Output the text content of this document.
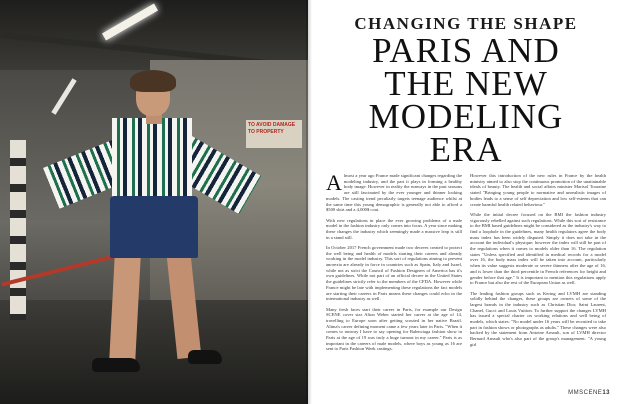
TO AVOID DAMAGE TO PROPERTY
CHANGING THE SHAPE
PARIS AND
THE NEW
MODELING
ERA

Almost a year ago France made significant changes regarding the modeling industry, and the part it plays in forming a healthy body image. However in reality the runways in the past seasons are still fascinated by the ever younger and thinner looking models. The casting trend peculiarly targets teenage audience whilst at the same time this young demographic is generally not able to afford a $500 shirt and a 4,000$ coat.

With new regulations in place the ever growing problems of a male model in the fashion industry only comes into focus. A year since making these changes the industry which seemingly made a massive leap is still in a stand still.

In October 2017 French government made two decrees created to protect the well being and health of models starting their careers and already working in the model industry. This sort of regulations aiming to prevent anorexia are already in force in countries such as Spain, Italy and Israel, while not as strict the Council of Fashion Designers of America has it's own guidelines. While not part of an official decree in the United States the guidelines strictly refer to the members of the CFDA. However while France might be late with implementing these regulations the fact models are starting their careers in Paris means these changes could echo in the international industry as well.

Many fresh faces start their career in Paris, for example our Design SCENE cover star Alton Weber started her career at the age of 14, travelling to Europe soon after getting scouted in her native Brazil. Alima's career defining moment came a few years later in Paris. "When it comes to runway I have to say opening for Balenciaga fashion show in Paris at the age of 19 was truly a huge turnout in my career." Paris is as important in the careers of male models, where boys as young as 16 are sent to Paris Fashion Week castings.

However this introduction of the new rules in France by the health ministry aimed to also stop the continuous promotion of the unattainable ideals of beauty. The health and social affairs minister Marisol Touraine stated "Bringing young people to normative and unrealistic images of bodies leads to a sense of self depreciation and low self-esteem that can create harmful health related behaviour."

While the initial decree focused on the BMI the fashion industry vigorously rebelled against such regulations. While this sort of resistance to the BMI based guidelines might be considered as the industry's way to find a loophole in the guidelines, many health regulators agree the body mass index has been widely disputed. Simply it does not take in the account the individual's physique; however the index will still be part of the regulations when it comes to models older than 16. The regulation states "Unless specified and identified in medical records for a model over 16, the body mass index will be taken into account, particularly when its value suggests moderate or severe thinness after the age of 16, and is lower than the third percentile in French references for height and gender before that age." It is important to mention this regulations apply to France but also the rest of the European Union as well.

The leading fashion groups such as Kering and LVMH are standing solidly behind the changes, these groups are owners of some of the largest brands in the industry such as Christian Dior, Saint Laurent, Chanel, Gucci and Louis Vuitton. To further support the changes LVMH has issued a special charter on working relations and well being of models, which states: "No model under 16 years will be recruited to take part in fashion shows or photographs as adults." These changes were also backed by the statement from Antoine Arnault, son of LVMH director Bernard Arnault who's also part of the group's management. "A young girl

MMSCENE13
